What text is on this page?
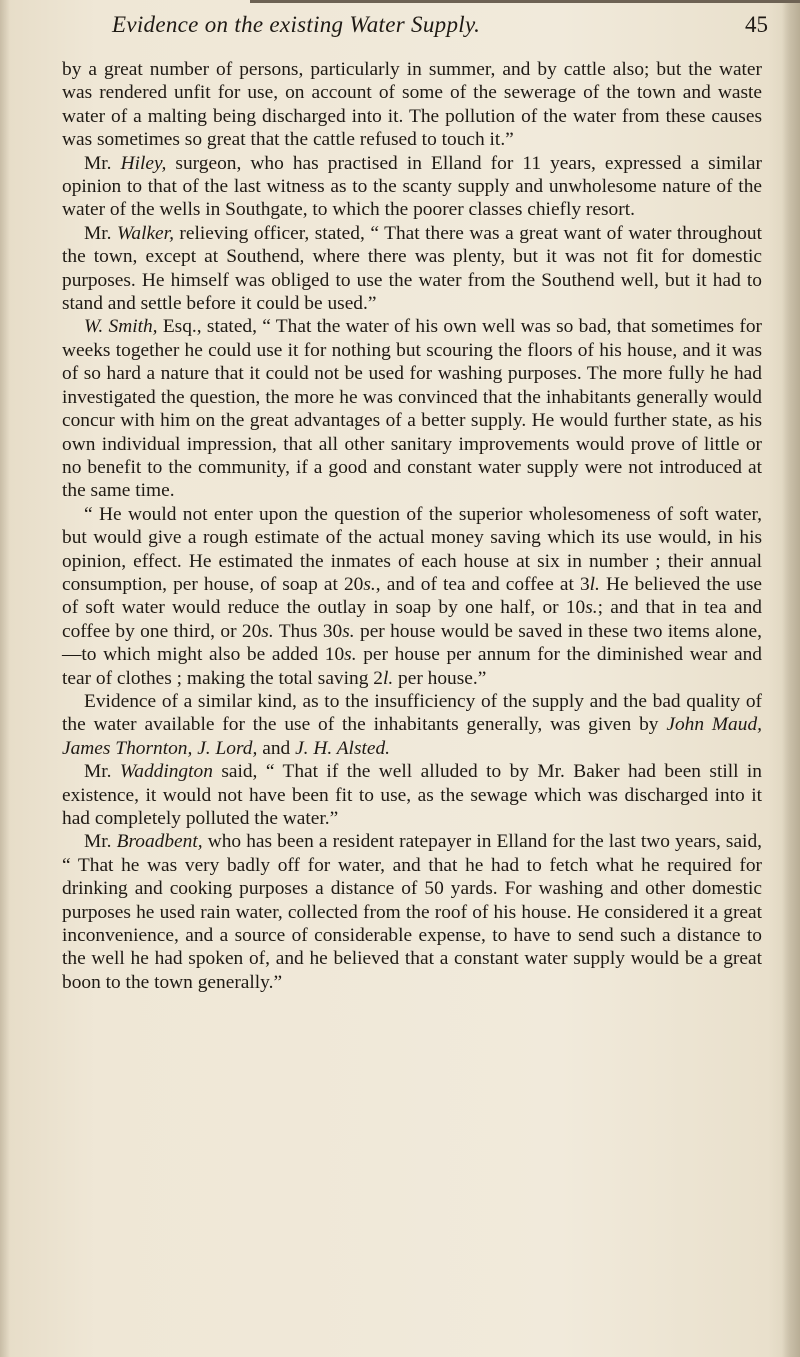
Evidence on the existing Water Supply.	45

by a great number of persons, particularly in summer, and by cattle also; but the water was rendered unfit for use, on account of some of the sewerage of the town and waste water of a malting being discharged into it. The pollution of the water from these causes was sometimes so great that the cattle refused to touch it.”

Mr. Hiley, surgeon, who has practised in Elland for 11 years, expressed a similar opinion to that of the last witness as to the scanty supply and unwholesome nature of the water of the wells in Southgate, to which the poorer classes chiefly resort.

Mr. Walker, relieving officer, stated, “ That there was a great want of water throughout the town, except at Southend, where there was plenty, but it was not fit for domestic purposes. He himself was obliged to use the water from the Southend well, but it had to stand and settle before it could be used.”

W. Smith, Esq., stated, “ That the water of his own well was so bad, that sometimes for weeks together he could use it for nothing but scouring the floors of his house, and it was of so hard a nature that it could not be used for washing purposes. The more fully he had investigated the question, the more he was convinced that the inhabitants generally would concur with him on the great advantages of a better supply. He would further state, as his own individual impression, that all other sanitary improvements would prove of little or no benefit to the community, if a good and constant water supply were not introduced at the same time.

“ He would not enter upon the question of the superior wholesomeness of soft water, but would give a rough estimate of the actual money saving which its use would, in his opinion, effect. He estimated the inmates of each house at six in number ; their annual consumption, per house, of soap at 20s., and of tea and coffee at 3l. He believed the use of soft water would reduce the outlay in soap by one half, or 10s.; and that in tea and coffee by one third, or 20s. Thus 30s. per house would be saved in these two items alone,—to which might also be added 10s. per house per annum for the diminished wear and tear of clothes ; making the total saving 2l. per house.”

Evidence of a similar kind, as to the insufficiency of the supply and the bad quality of the water available for the use of the inhabitants generally, was given by John Maud, James Thornton, J. Lord, and J. H. Alsted.

Mr. Waddington said, “ That if the well alluded to by Mr. Baker had been still in existence, it would not have been fit to use, as the sewage which was discharged into it had completely polluted the water.”

Mr. Broadbent, who has been a resident ratepayer in Elland for the last two years, said, “ That he was very badly off for water, and that he had to fetch what he required for drinking and cooking purposes a distance of 50 yards. For washing and other domestic purposes he used rain water, collected from the roof of his house. He considered it a great inconvenience, and a source of considerable expense, to have to send such a distance to the well he had spoken of, and he believed that a constant water supply would be a great boon to the town generally.”
